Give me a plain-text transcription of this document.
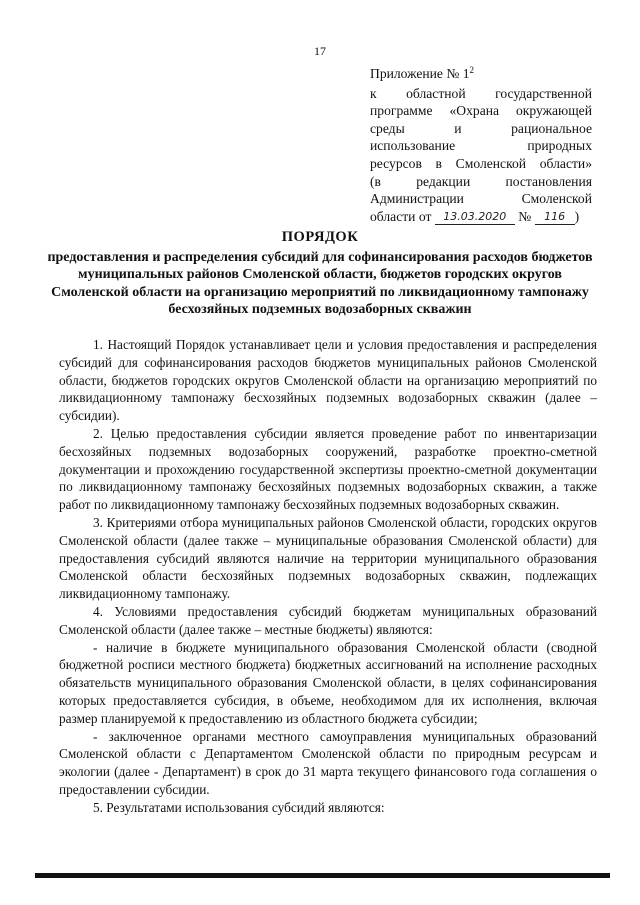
17
Приложение № $1^2$
к областной государственной
программе «Охрана окружающей
среды и рациональное
использование природных
ресурсов в Смоленской области»
(в редакции постановления
Администрации Смоленской
области от 13.03.2020 № 116 )
ПОРЯДОК
предоставления и распределения субсидий для софинансирования расходов бюджетов муниципальных районов Смоленской области, бюджетов городских округов Смоленской области на организацию мероприятий по ликвидационному тампонажу бесхозяйных подземных водозаборных скважин

1. Настоящий Порядок устанавливает цели и условия предоставления и распределения субсидий для софинансирования расходов бюджетов муниципальных районов Смоленской области, бюджетов городских округов Смоленской области на организацию мероприятий по ликвидационному тампонажу бесхозяйных подземных водозаборных скважин (далее – субсидии).

2. Целью предоставления субсидии является проведение работ по инвентаризации бесхозяйных подземных водозаборных сооружений, разработке проектно-сметной документации и прохождению государственной экспертизы проектно-сметной документации по ликвидационному тампонажу бесхозяйных подземных водозаборных скважин, а также работ по ликвидационному тампонажу бесхозяйных подземных водозаборных скважин.

3. Критериями отбора муниципальных районов Смоленской области, городских округов Смоленской области (далее также – муниципальные образования Смоленской области) для предоставления субсидий являются наличие на территории муниципального образования Смоленской области бесхозяйных подземных водозаборных скважин, подлежащих ликвидационному тампонажу.

4. Условиями предоставления субсидий бюджетам муниципальных образований Смоленской области (далее также – местные бюджеты) являются:

- наличие в бюджете муниципального образования Смоленской области (сводной бюджетной росписи местного бюджета) бюджетных ассигнований на исполнение расходных обязательств муниципального образования Смоленской области, в целях софинансирования которых предоставляется субсидия, в объеме, необходимом для их исполнения, включая размер планируемой к предоставлению из областного бюджета субсидии;

- заключенное органами местного самоуправления муниципальных образований Смоленской области с Департаментом Смоленской области по природным ресурсам и экологии (далее - Департамент) в срок до 31 марта текущего финансового года соглашения о предоставлении субсидии.

5. Результатами использования субсидий являются:
